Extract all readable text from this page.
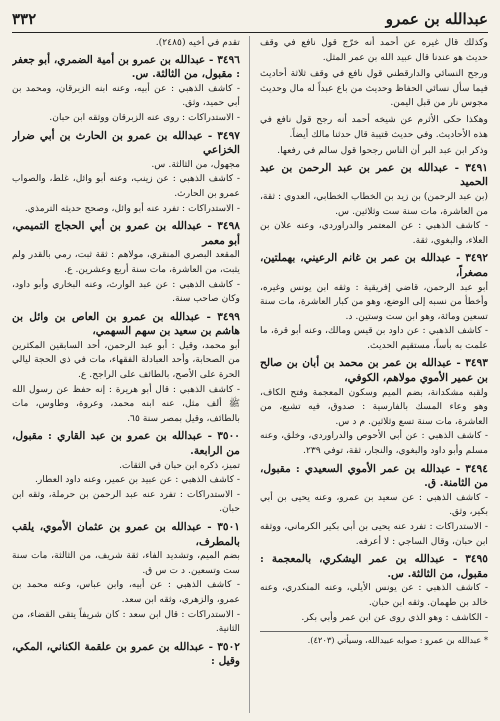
عبدالله بن عمرو
٣٣٢
وكذلك قال غيره عن أحمد أنه خرّج قول نافع في وقف حديث هو عندنا قال عبيد الله بن عمر المثل.
ورجح النسائي والدارقطني قول نافع في وقف ثلاثة أحاديث فيما سأل نسائي الحفاظ وحديث من باع عبداً له مال وحديث مجوس نار من قبل اليمن.
وهكذا حكى الأثرم عن شيخه أحمد أنه رجح قول نافع في هذه الأحاديث. وفي حديث قتيبة قال حدثنا مالك أيضاً.
وذكر ابن عبد البر أن الناس رجحوا قول سالم في رفعها.
٣٤٩١ - عبدالله بن عمر بن عبد الرحمن بن عبد الحميد
(بن عبد الرحمن) بن زيد بن الخطاب الخطابي، العدوي : ثقة، من العاشرة، مات سنة ست وثلاثين. س.
- كاشف الذهبي : عن المعتمر والدراوردي، وعنه علان بن العلاء، والبغوي، ثقة.
٣٤٩٢ - عبدالله بن عمر بن غانم الرعيني، بهملتين، مصغراً،
أبو عبد الرحمن، قاضي إفريقية : وثقه ابن يونس وغيره، وأخطأ من نسبه إلى الوضع، وهو من كبار العاشرة، مات سنة تسعين ومائة، وهو ابن ست وستين. د.
- كاشف الذهبي : عن داود بن قيس ومالك، وعنه أبو قرة، ما علمت به بأساً، مستقيم الحديث.
٣٤٩٣ - عبدالله بن عمر بن محمد بن أبان بن صالح بن عمير الأموي مولاهم، الكوفي،
ولقبه مشكدانة، بضم الميم وسكون المعجمة وفتح الكاف، وهو وعاء المسك بالفارسية : صدوق، فيه تشيع، من العاشرة، مات سنة تسع وثلاثين. م د س.
- كاشف الذهبي : عن أبي الأحوص والدراوردي، وخلق، وعنه مسلم وأبو داود والبغوي، والنجار، ثقة، توفي ٢٣٩.
٣٤٩٤ - عبدالله بن عمر الأموي السعيدي : مقبول، من الثامنة. ق.
- كاشف الذهبي : عن سعيد بن عمرو، وعنه يحيى بن أبي بكير، وثق.
- الاستدراكات : تفرد عنه يحيى بن أبي بكير الكرماني، ووثقه ابن حبان، وقال الساجي : لا أعرفه.
٣٤٩٥ - عبدالله بن عمر اليشكري، بالمعجمة : مقبول، من الثالثة. س.
- كاشف الذهبي : عن يونس الأيلي، وعنه المنكدري، وعنه خالد بن طهمان. وثقه ابن حبان.
- الكاشف : وهو الذي روى عن ابن عمر وأبي بكر.
* عبدالله بن عمرو : صوابه عبيدالله، وسيأتي (٤٢٠٣).
تقدم في أخيه (٢٤٨٥).
٣٤٩٦ - عبدالله بن عمرو بن أمية الضمري، أبو جعفر : مقبول، من الثالثة. س.
- كاشف الذهبي : عن أبيه، وعنه ابنه الزبرقان، ومحمد بن أبي حميد، وثق.
- الاستدراكات : روى عنه الزبرقان ووثقه ابن حبان.
٣٤٩٧ - عبدالله بن عمرو بن الحارث بن أبي ضرار الخزاعي
مجهول، من الثالثة. س.
- كاشف الذهبي : عن زينب، وعنه أبو وائل، غلط، والصواب عمرو بن الحارث.
- الاستدراكات : تفرد عنه أبو وائل، وصحح حديثه الترمذي.
٣٤٩٨ - عبدالله بن عمرو بن أبي الحجاج التميمي، أبو معمر
المقعد البصري المنقري، مولاهم : ثقة ثبت، رمي بالقدر ولم يثبت، من العاشرة، مات سنة أربع وعشرين. ع.
- كاشف الذهبي : عن عبد الوارث، وعنه البخاري وأبو داود، وكان صاحب سنة.
٣٤٩٩ - عبدالله بن عمرو بن العاص بن وائل بن هاشم بن سعيد بن سهم السهمي،
أبو محمد، وقيل : أبو عبد الرحمن، أحد السابقين المكثرين من الصحابة، وأحد العبادلة الفقهاء، مات في ذي الحجة ليالي الحرة على الأصح، بالطائف على الراجح. ع.
- كاشف الذهبي : قال أبو هريرة : إنه حفظ عن رسول الله ﷺ ألف مثل، عنه ابنه محمد، وعروة، وطاوس، مات بالطائف، وقيل بمصر سنة ٦٥.
٣٥٠٠ - عبدالله بن عمرو بن عبد القاري : مقبول، من الرابعة.
تميز، ذكره ابن حبان في الثقات.
- كاشف الذهبي : عن عبيد بن عمير، وعنه داود العطار.
- الاستدراكات : تفرد عنه عبد الرحمن بن حرملة، وثقه ابن حبان.
٣٥٠١ - عبدالله بن عمرو بن عثمان الأموي، يلقب بالمطرف،
بضم الميم، وتشديد الفاء، ثقة شريف، من الثالثة، مات سنة ست وتسعين. د ت س ق.
- كاشف الذهبي : عن أبيه، وابن عباس، وعنه محمد بن عمرو، والزهري، وثقه ابن سعد.
- الاستدراكات : قال ابن سعد : كان شريفاً يتقى القضاء، من الثانية.
٣٥٠٢ - عبدالله بن عمرو بن علقمة الكناني، المكي، وقيل :
